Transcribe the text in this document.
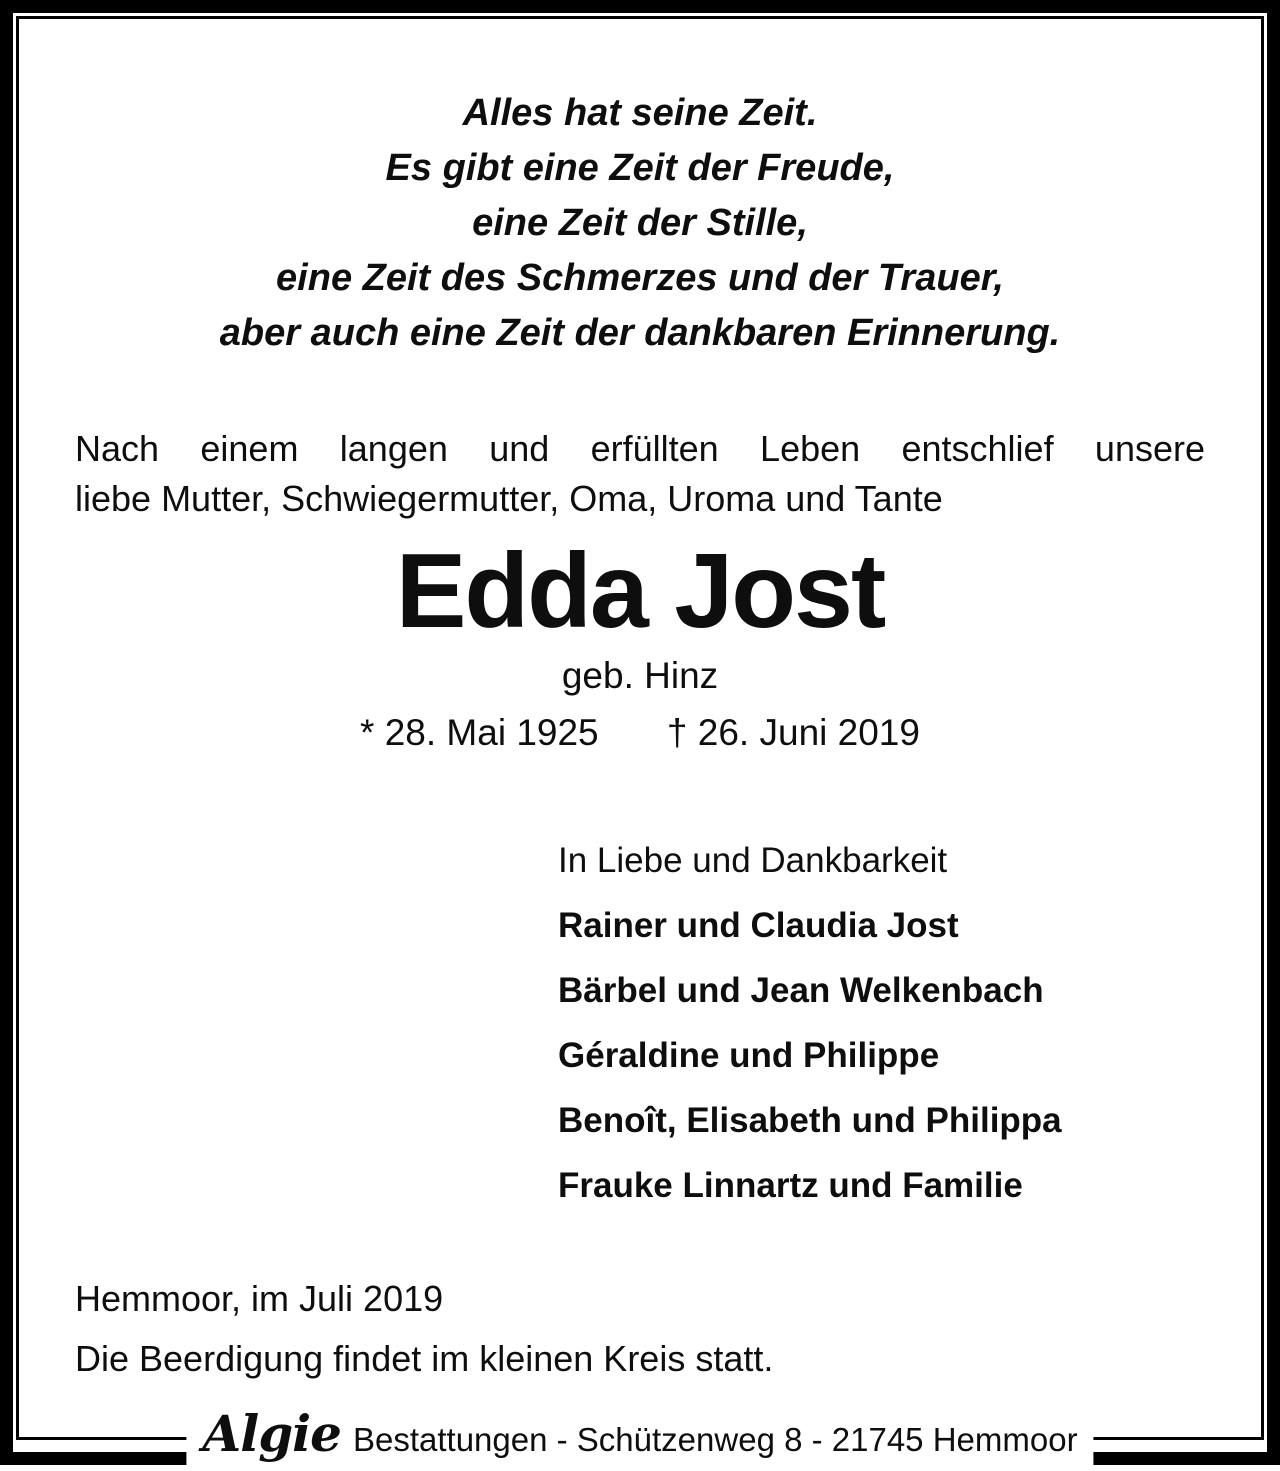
Alles hat seine Zeit.
Es gibt eine Zeit der Freude,
eine Zeit der Stille,
eine Zeit des Schmerzes und der Trauer,
aber auch eine Zeit der dankbaren Erinnerung.
Nach einem langen und erfüllten Leben entschlief unsere
liebe Mutter, Schwiegermutter, Oma, Uroma und Tante
Edda Jost
geb. Hinz
* 28. Mai 1925 † 26. Juni 2019
In Liebe und Dankbarkeit
Rainer und Claudia Jost
Bärbel und Jean Welkenbach
Géraldine und Philippe
Benoît, Elisabeth und Philippa
Frauke Linnartz und Familie
Hemmoor, im Juli 2019
Die Beerdigung findet im kleinen Kreis statt.
Algie Bestattungen - Schützenweg 8 - 21745 Hemmoor
